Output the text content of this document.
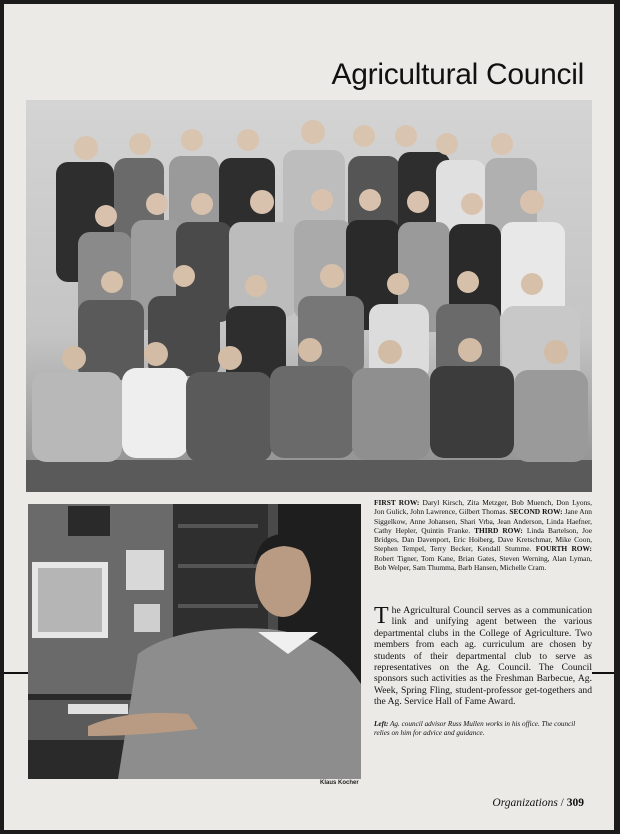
Agricultural Council
Klaus Kocher
FIRST ROW: Daryl Kirsch, Zita Metzger, Bob Muench, Don Lyons, Jon Gulick, John Lawrence, Gilbert Thomas. SECOND ROW: Jane Ann Siggelkow, Anne Johansen, Shari Vrba, Jean Anderson, Linda Haefner, Cathy Hepler, Quintin Franke. THIRD ROW: Linda Bartelson, Joe Bridges, Dan Davenport, Eric Hoiberg, Dave Kretschmar, Mike Coon, Stephen Tempel, Terry Becker, Kendall Stumme. FOURTH ROW: Robert Tigner, Tom Kane, Brian Gates, Steven Werning, Alan Lyman, Bob Welper, Sam Thumma, Barb Hansen, Michelle Cram.
The Agricultural Council serves as a communication link and unifying agent between the various departmental clubs in the College of Agriculture. Two members from each ag. curriculum are chosen by students of their departmental club to serve as representatives on the Ag. Council. The Council sponsors such activities as the Freshman Barbecue, Ag. Week, Spring Fling, student-professor get-togethers and the Ag. Service Hall of Fame Award.
Left: Ag. council advisor Russ Mullen works in his office. The council relies on him for advice and guidance.
Organizations / 309
